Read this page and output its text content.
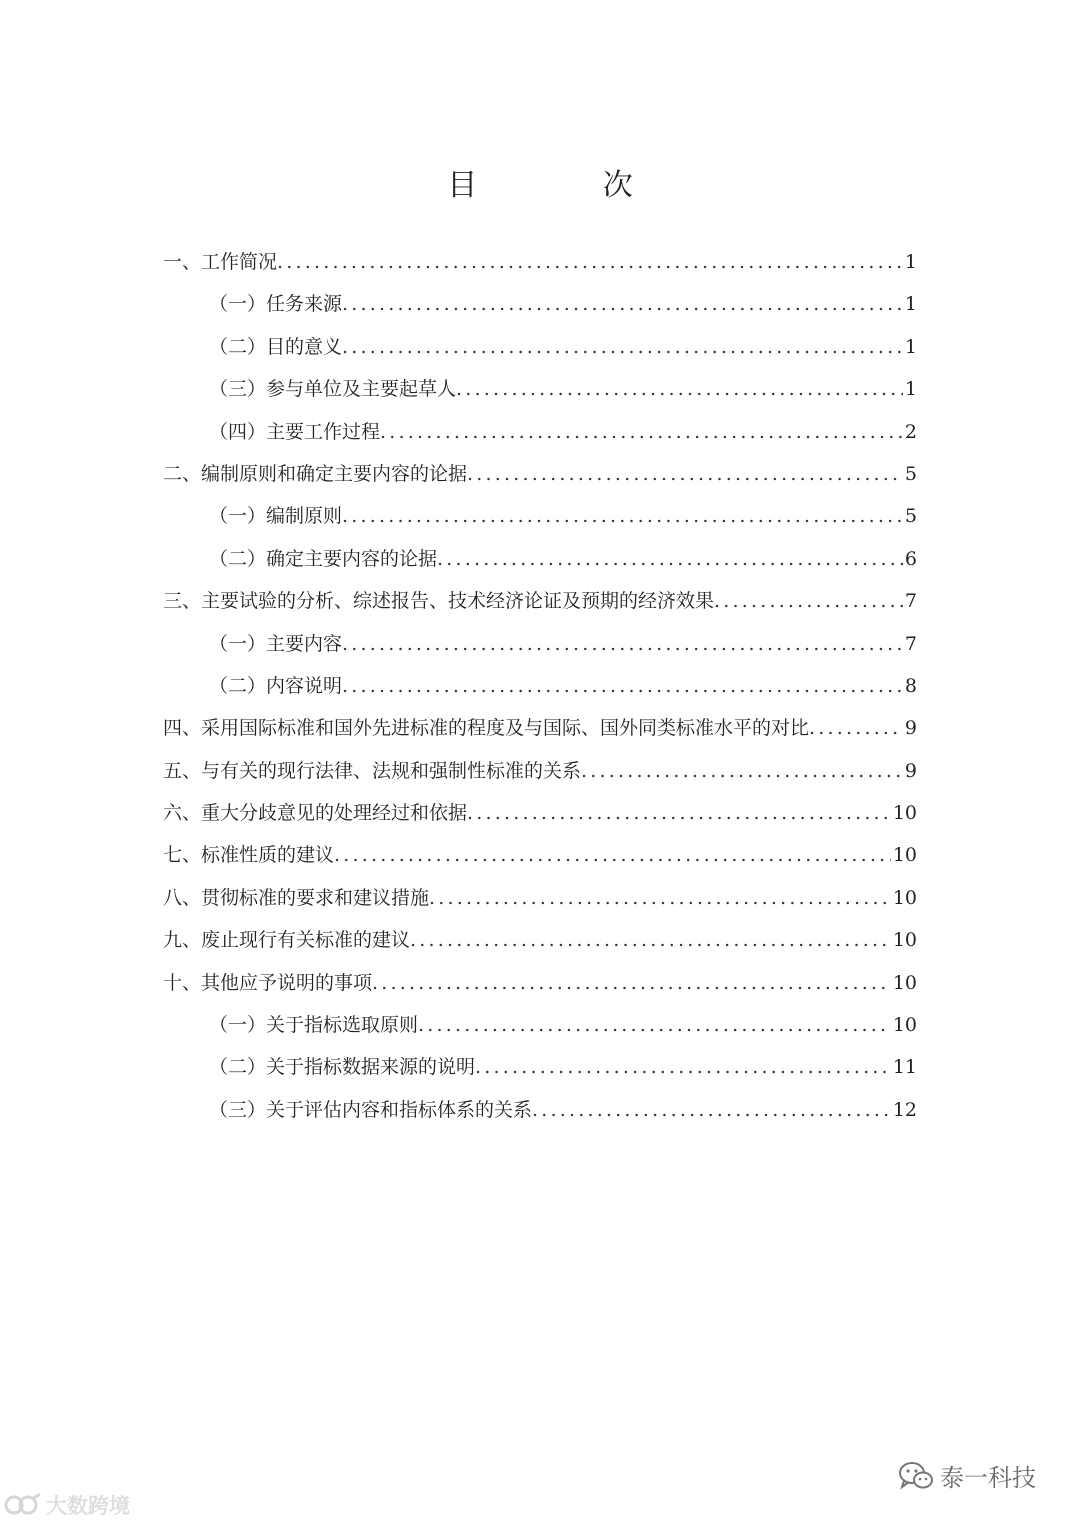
目 次
一、工作简况 .....	1
（一）任务来源 .....	1
（二）目的意义 .....	1
（三）参与单位及主要起草人 .....	1
（四）主要工作过程 .....	2
二、编制原则和确定主要内容的论据 .....	5
（一）编制原则 .....	5
（二）确定主要内容的论据 .....	6
三、主要试验的分析、综述报告、技术经济论证及预期的经济效果 .....	7
（一）主要内容 .....	7
（二）内容说明 .....	8
四、采用国际标准和国外先进标准的程度及与国际、国外同类标准水平的对比 .....	9
五、与有关的现行法律、法规和强制性标准的关系 .....	9
六、重大分歧意见的处理经过和依据 .....	10
七、标准性质的建议 .....	10
八、贯彻标准的要求和建议措施 .....	10
九、废止现行有关标准的建议 .....	10
十、其他应予说明的事项 .....	10
（一）关于指标选取原则 .....	10
（二）关于指标数据来源的说明 .....	11
（三）关于评估内容和指标体系的关系 .....	12
大数跨境
泰一科技
